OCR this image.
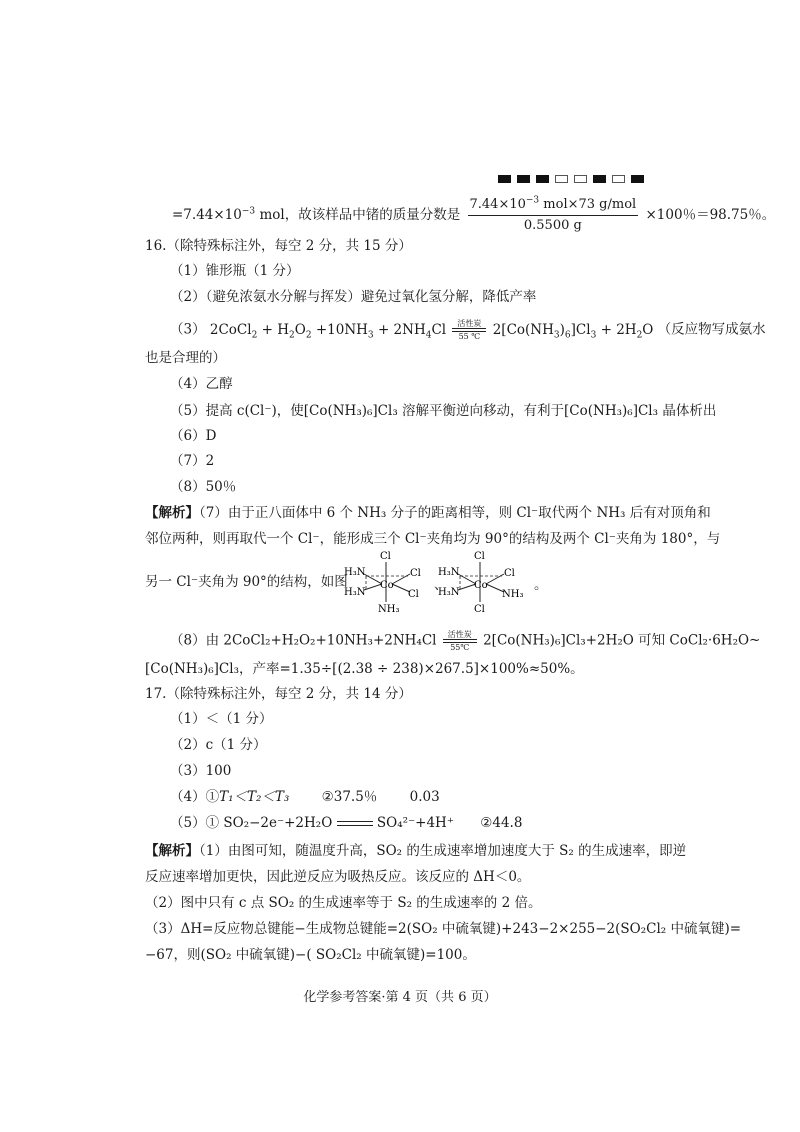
$=7.44\times 10^{-3}$ mol，故该样品中锗的质量分数是 $\frac{7.44\times 10^{-3} mol\times 73 g/mol}{0.5500 g} \times 100$％＝98.75％。
16.（除特殊标注外，每空 2 分，共 15 分）
（1）锥形瓶（1 分）
（2）（避免浓氨水分解与挥发）避免过氧化氢分解，降低产率
（3） 2CoCl$_2$ + $H_2O_2 +10NH_3 + 2NH_4Cl$ 活性炭
55 ℃ $2[Co(NH_3)_6]Cl_3 + 2H_2O$ （反应物写成氨水
也是合理的）
（4）乙醇
（5）提高 c(Cl⁻)，使[Co(NH₃)₆]Cl₃ 溶解平衡逆向移动，有利于[Co(NH₃)₆]Cl₃ 晶体析出
（6）D
（7）2
（8）50％
【解析】（7）由于正八面体中 6 个 NH₃ 分子的距离相等，则 Cl⁻取代两个 NH₃ 后有对顶角和
邻位两种，则再取代一个 Cl⁻，能形成三个 Cl⁻夹角均为 90°的结构及两个 Cl⁻夹角为 180°，与
另一 Cl⁻夹角为 90°的结构，如图
Cl
H₃N
H₃N
Co
Cl
Cl
NH₃
、
Cl
H₃N
H₃N
Co
Cl
NH₃
Cl
。
（8）由 2CoCl₂+H₂O₂+10NH₃+2NH₄Cl 活性炭
55℃ 2[Co(NH₃)₆]Cl₃+2H₂O 可知 CoCl₂·6H₂O~
[Co(NH₃)₆]Cl₃，产率=1.35÷[(2.38 ÷ 238)×267.5]×100%≈50%。
17.（除特殊标注外，每空 2 分，共 14 分）
（1）＜（1 分）
（2）c（1 分）
（3）100
（4）①T₁＜T₂＜T₃ ②37.5％ 0.03
（5）① SO₂−2e⁻+2H₂O	SO₄²⁻+4H⁺ ②44.8
【解析】（1）由图可知，随温度升高，SO₂ 的生成速率增加速度大于 S₂ 的生成速率，即逆
反应速率增加更快，因此逆反应为吸热反应。该反应的 ΔH＜0。
（2）图中只有 c 点 SO₂ 的生成速率等于 S₂ 的生成速率的 2 倍。
（3）ΔH=反应物总键能−生成物总键能=2(SO₂ 中硫氧键)+243−2×255−2(SO₂Cl₂ 中硫氧键)=
−67，则(SO₂ 中硫氧键)−( SO₂Cl₂ 中硫氧键)=100。
化学参考答案·第 4 页（共 6 页）
